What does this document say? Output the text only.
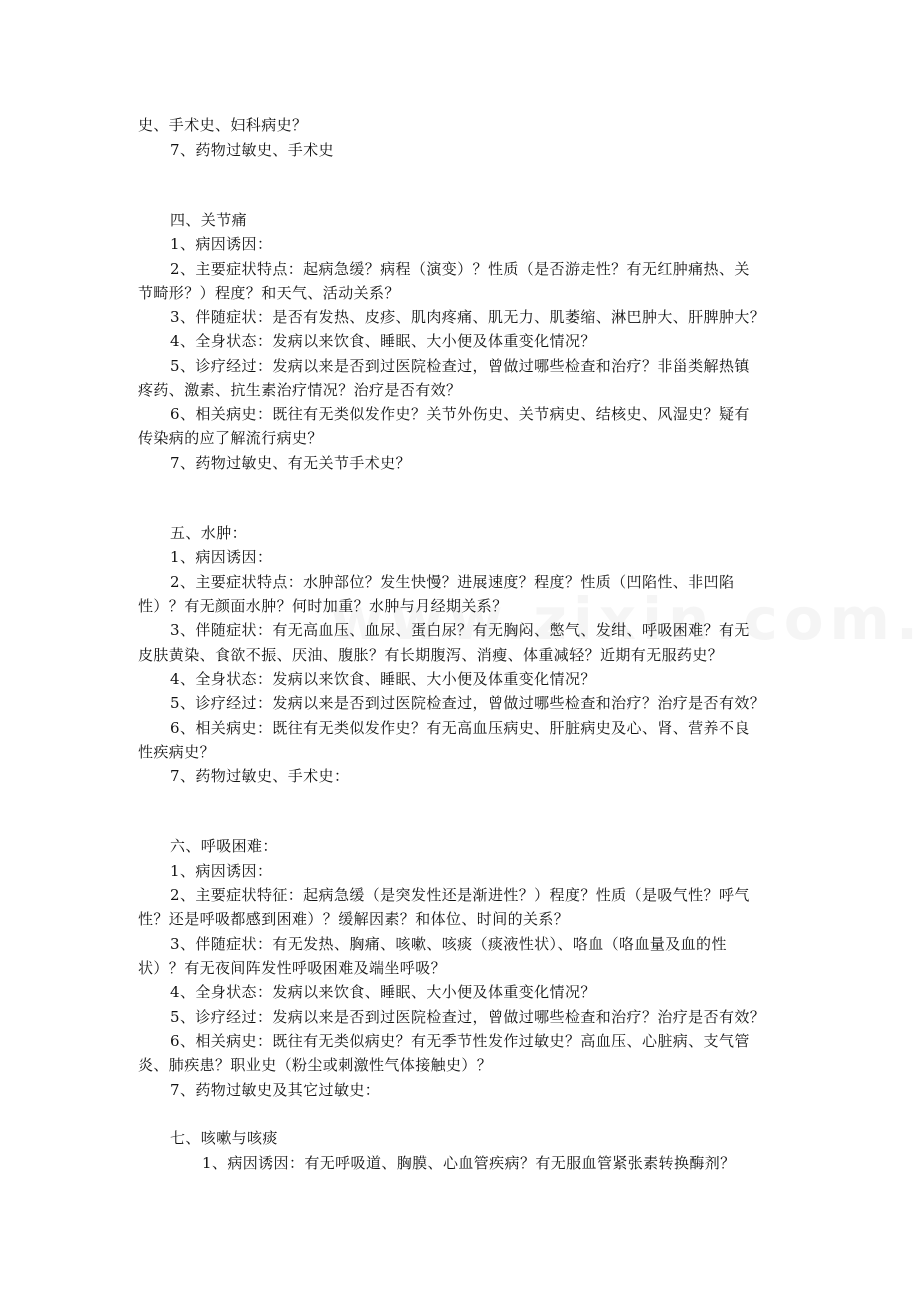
史、手术史、妇科病史？
7、药物过敏史、手术史
四、关节痛
1、病因诱因：
2、主要症状特点：起病急缓？病程（演变）？性质（是否游走性？有无红肿痛热、关
节畸形？）程度？和天气、活动关系？
3、伴随症状：是否有发热、皮疹、肌肉疼痛、肌无力、肌萎缩、淋巴肿大、肝脾肿大？
4、全身状态：发病以来饮食、睡眠、大小便及体重变化情况？
5、诊疗经过：发病以来是否到过医院检查过，曾做过哪些检查和治疗？非甾类解热镇
疼药、激素、抗生素治疗情况？治疗是否有效？
6、相关病史：既往有无类似发作史？关节外伤史、关节病史、结核史、风湿史？疑有
传染病的应了解流行病史？
7、药物过敏史、有无关节手术史？
五、水肿：
1、病因诱因：
2、主要症状特点：水肿部位？发生快慢？进展速度？程度？性质（凹陷性、非凹陷
性）？有无颜面水肿？何时加重？水肿与月经期关系？
3、伴随症状：有无高血压、血尿、蛋白尿？有无胸闷、憋气、发绀、呼吸困难？有无
皮肤黄染、食欲不振、厌油、腹胀？有长期腹泻、消瘦、体重减轻？近期有无服药史？
4、全身状态：发病以来饮食、睡眠、大小便及体重变化情况？
5、诊疗经过：发病以来是否到过医院检查过，曾做过哪些检查和治疗？治疗是否有效？
6、相关病史：既往有无类似发作史？有无高血压病史、肝脏病史及心、肾、营养不良
性疾病史？
7、药物过敏史、手术史：
六、呼吸困难：
1、病因诱因：
2、主要症状特征：起病急缓（是突发性还是渐进性？）程度？性质（是吸气性？呼气
性？还是呼吸都感到困难）？缓解因素？和体位、时间的关系？
3、伴随症状：有无发热、胸痛、咳嗽、咳痰（痰液性状）、咯血（咯血量及血的性
状）？有无夜间阵发性呼吸困难及端坐呼吸？
4、全身状态：发病以来饮食、睡眠、大小便及体重变化情况？
5、诊疗经过：发病以来是否到过医院检查过，曾做过哪些检查和治疗？治疗是否有效？
6、相关病史：既往有无类似病史？有无季节性发作过敏史？高血压、心脏病、支气管
炎、肺疾患？职业史（粉尘或刺激性气体接触史）？
7、药物过敏史及其它过敏史：
七、咳嗽与咳痰
1、病因诱因：有无呼吸道、胸膜、心血管疾病？有无服血管紧张素转换酶剂？
